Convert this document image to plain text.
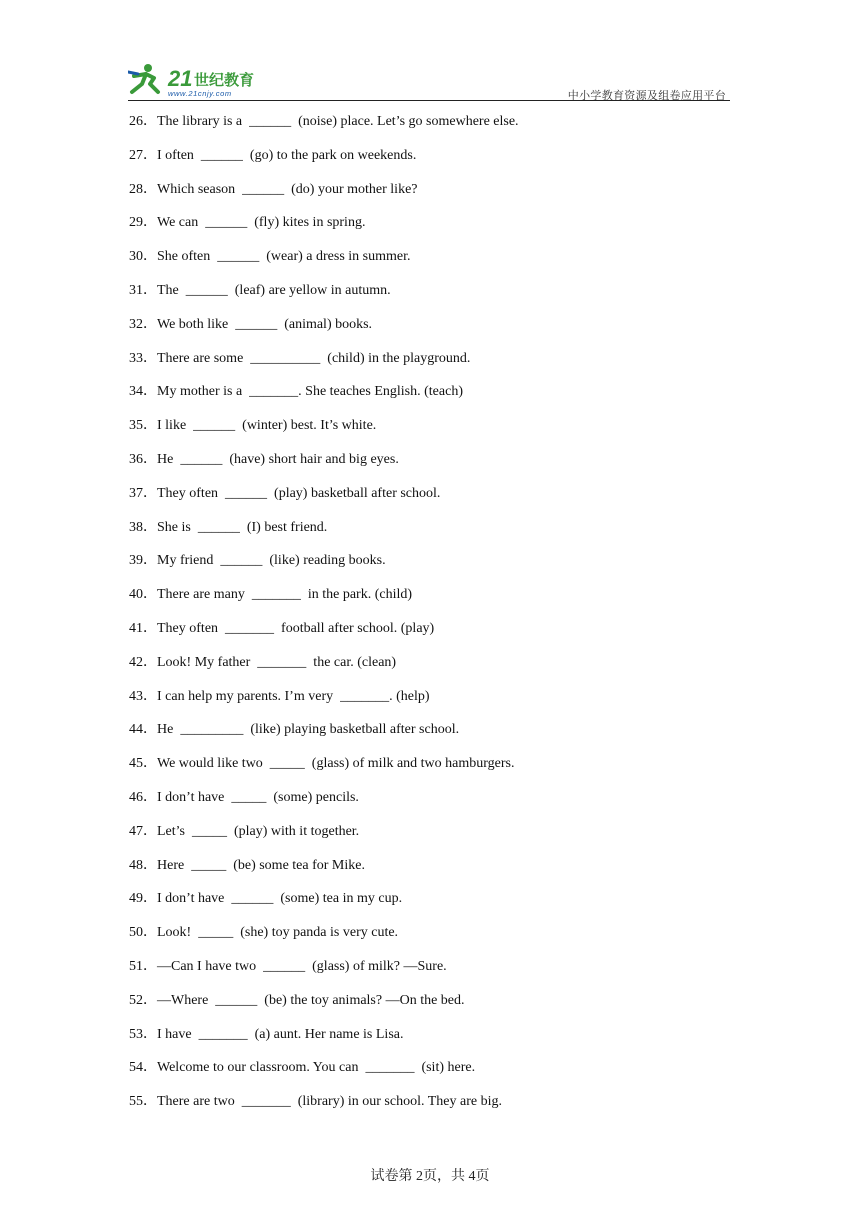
21
www.21cnjy.com
世纪教育
中小学教育资源及组卷应用平台
26．The library is a  ______  (noise) place. Let’s go somewhere else.
27．I often  ______  (go) to the park on weekends.
28．Which season  ______  (do) your mother like?
29．We can  ______  (fly) kites in spring.
30．She often  ______  (wear) a dress in summer.
31．The  ______  (leaf) are yellow in autumn.
32．We both like  ______  (animal) books.
33．There are some  __________  (child) in the playground.
34．My mother is a  _______. She teaches English. (teach)
35．I like  ______  (winter) best. It’s white.
36．He  ______  (have) short hair and big eyes.
37．They often  ______  (play) basketball after school.
38．She is  ______  (I) best friend.
39．My friend  ______  (like) reading books.
40．There are many  _______  in the park. (child)
41．They often  _______  football after school. (play)
42．Look! My father  _______  the car. (clean)
43．I can help my parents. I’m very  _______. (help)
44．He  _________  (like) playing basketball after school.
45．We would like two  _____  (glass) of milk and two hamburgers.
46．I don’t have  _____  (some) pencils.
47．Let’s  _____  (play) with it together.
48．Here  _____  (be) some tea for Mike.
49．I don’t have  ______  (some) tea in my cup.
50．Look!  _____  (she) toy panda is very cute.
51．—Can I have two  ______  (glass) of milk? —Sure.
52．—Where  ______  (be) the toy animals? —On the bed.
53．I have  _______  (a) aunt. Her name is Lisa.
54．Welcome to our classroom. You can  _______  (sit) here.
55．There are two  _______  (library) in our school. They are big.
试卷第 2页，共 4页
